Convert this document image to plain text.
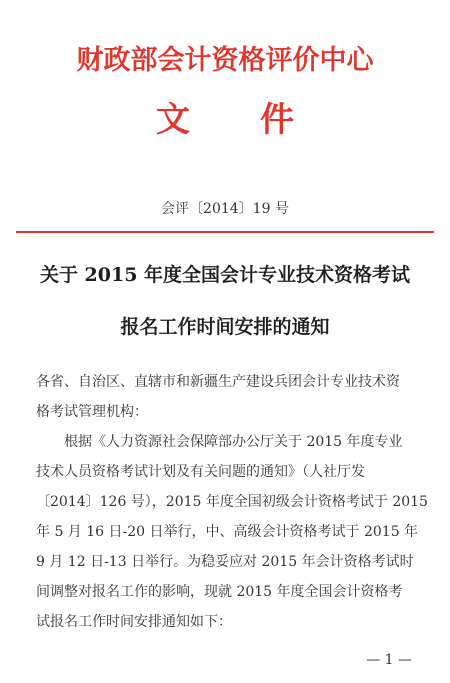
财政部会计资格评价中心
文 件
会评〔2014〕19 号
关于 2015 年度全国会计专业技术资格考试
报名工作时间安排的通知
各省、自治区、直辖市和新疆生产建设兵团会计专业技术资
格考试管理机构：
根据《人力资源社会保障部办公厅关于 2015 年度专业
技术人员资格考试计划及有关问题的通知》（人社厅发
〔2014〕126 号），2015 年度全国初级会计资格考试于 2015
年 5 月 16 日-20 日举行，中、高级会计资格考试于 2015 年
9 月 12 日-13 日举行。为稳妥应对 2015 年会计资格考试时
间调整对报名工作的影响，现就 2015 年度全国会计资格考
试报名工作时间安排通知如下：
— 1 —
